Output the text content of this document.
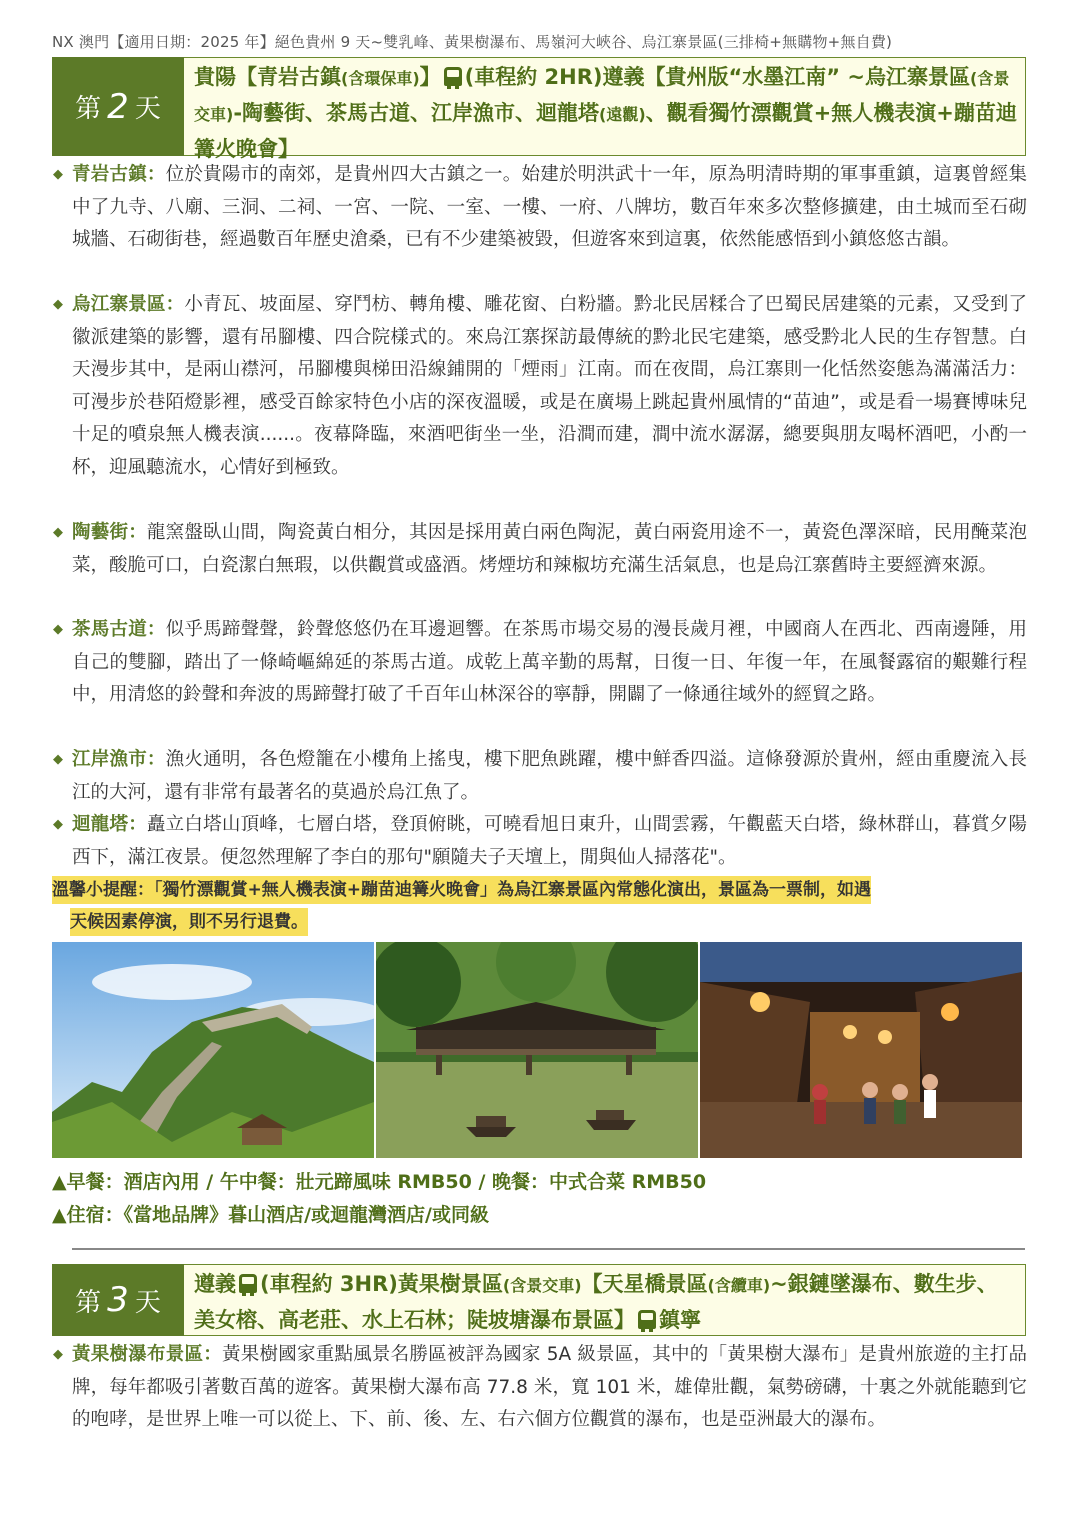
NX 澳門【適用日期：2025 年】絕色貴州 9 天~雙乳峰、黃果樹瀑布、馬嶺河大峽谷、烏江寨景區(三排椅+無購物+無自費)
第 2 天
貴陽【青岩古鎮(含環保車)】 (車程約 2HR)遵義【貴州版“水墨江南” ~烏江寨景區(含景交車)-陶藝街、茶馬古道、江岸漁市、迴龍塔(遠觀)、觀看獨竹漂觀賞+無人機表演+蹦苗迪篝火晚會】
◆ 青岩古鎮：位於貴陽市的南郊，是貴州四大古鎮之一。始建於明洪武十一年，原為明清時期的軍事重鎮，這裏曾經集中了九寺、八廟、三洞、二祠、一宮、一院、一室、一樓、一府、八牌坊，數百年來多次整修擴建，由土城而至石砌城牆、石砌街巷，經過數百年歷史滄桑，已有不少建築被毀，但遊客來到這裏，依然能感悟到小鎮悠悠古韻。
◆ 烏江寨景區：小青瓦、坡面屋、穿鬥枋、轉角樓、雕花窗、白粉牆。黔北民居糅合了巴蜀民居建築的元素，又受到了徽派建築的影響，還有吊腳樓、四合院樣式的。來烏江寨探訪最傳統的黔北民宅建築，感受黔北人民的生存智慧。白天漫步其中，是兩山襟河，吊腳樓與梯田沿線鋪開的「煙雨」江南。而在夜間，烏江寨則一化恬然姿態為滿滿活力：可漫步於巷陌燈影裡，感受百餘家特色小店的深夜溫暖，或是在廣場上跳起貴州風情的“苗迪”，或是看一場賽博味兒十足的噴泉無人機表演......。夜幕降臨，來酒吧街坐一坐，沿澗而建，澗中流水潺潺，總要與朋友喝杯酒吧，小酌一杯，迎風聽流水，心情好到極致。
◆ 陶藝街：龍窯盤臥山間，陶瓷黃白相分，其因是採用黃白兩色陶泥，黃白兩瓷用途不一，黃瓷色澤深暗，民用醃菜泡菜，酸脆可口，白瓷潔白無瑕，以供觀賞或盛酒。烤煙坊和辣椒坊充滿生活氣息，也是烏江寨舊時主要經濟來源。
◆ 茶馬古道：似乎馬蹄聲聲，鈴聲悠悠仍在耳邊迴響。在茶馬市場交易的漫長歲月裡，中國商人在西北、西南邊陲，用自己的雙腳，踏出了一條崎嶇綿延的茶馬古道。成乾上萬辛勤的馬幫，日復一日、年復一年，在風餐露宿的艱難行程中，用清悠的鈴聲和奔波的馬蹄聲打破了千百年山林深谷的寧靜，開闢了一條通往域外的經貿之路。
◆ 江岸漁市：漁火通明，各色燈籠在小樓角上搖曳，樓下肥魚跳躍，樓中鮮香四溢。這條發源於貴州，經由重慶流入長江的大河，還有非常有最著名的莫過於烏江魚了。
◆ 迴龍塔：矗立白塔山頂峰，七層白塔，登頂俯眺，可曉看旭日東升，山間雲霧，午觀藍天白塔，綠林群山，暮賞夕陽西下，滿江夜景。便忽然理解了李白的那句"願隨夫子天壇上，閒與仙人掃落花"。
溫馨小提醒：「獨竹漂觀賞+無人機表演+蹦苗迪篝火晚會」為烏江寨景區內常態化演出，景區為一票制，如遇
天候因素停演，則不另行退費。
▲早餐：酒店內用 / 午中餐：壯元蹄風味 RMB50 / 晚餐：中式合菜 RMB50
▲住宿：《當地品牌》暮山酒店/或迴龍灣酒店/或同級
第 3 天
遵義 (車程約 3HR)黃果樹景區(含景交車)【天星橋景區(含纜車)~銀鏈墜瀑布、數生步、美女榕、高老莊、水上石林；陡坡塘瀑布景區】 鎮寧
◆ 黃果樹瀑布景區：黃果樹國家重點風景名勝區被評為國家 5A 級景區，其中的「黃果樹大瀑布」是貴州旅遊的主打品牌，每年都吸引著數百萬的遊客。黃果樹大瀑布高 77.8 米，寬 101 米，雄偉壯觀，氣勢磅礴，十裏之外就能聽到它的咆哮，是世界上唯一可以從上、下、前、後、左、右六個方位觀賞的瀑布，也是亞洲最大的瀑布。
